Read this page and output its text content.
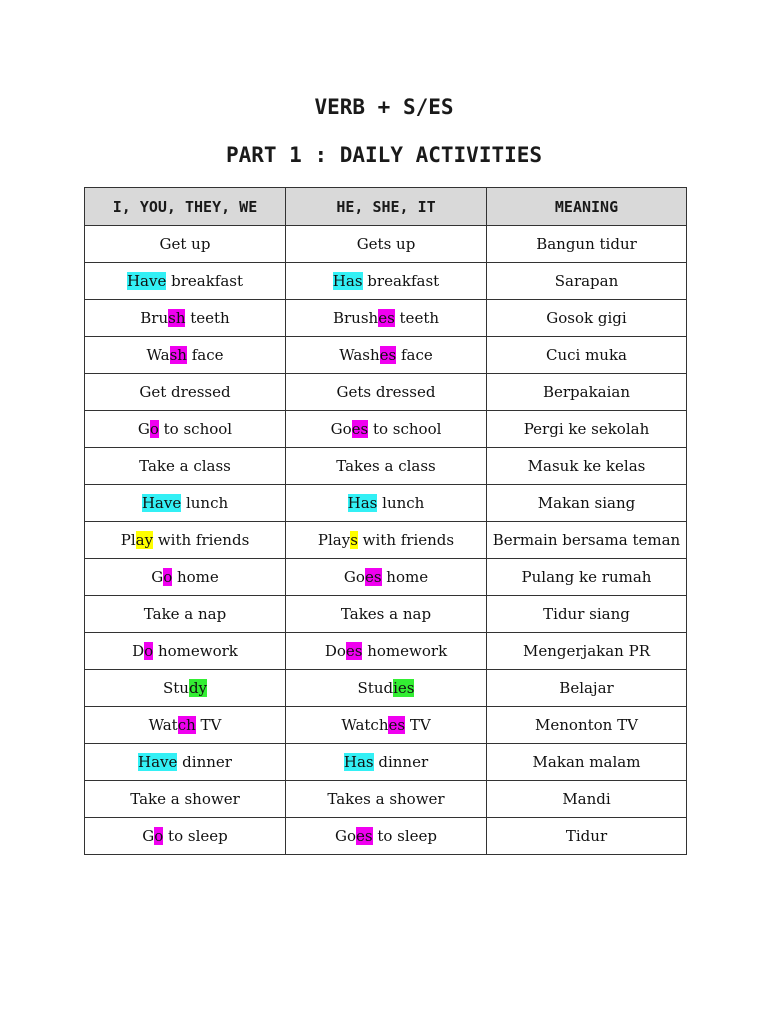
VERB + S/ES
PART 1 : DAILY ACTIVITIES
I, YOU, THEY, WE	HE, SHE, IT	MEANING
Get up	Gets up	Bangun tidur
Have breakfast	Has breakfast	Sarapan
Brush teeth	Brushes teeth	Gosok gigi
Wash face	Washes face	Cuci muka
Get dressed	Gets dressed	Berpakaian
Go to school	Goes to school	Pergi ke sekolah
Take a class	Takes a class	Masuk ke kelas
Have lunch	Has lunch	Makan siang
Play with friends	Plays with friends	Bermain bersama teman
Go home	Goes home	Pulang ke rumah
Take a nap	Takes a nap	Tidur siang
Do homework	Does homework	Mengerjakan PR
Study	Studies	Belajar
Watch TV	Watches TV	Menonton TV
Have dinner	Has dinner	Makan malam
Take a shower	Takes a shower	Mandi
Go to sleep	Goes to sleep	Tidur
